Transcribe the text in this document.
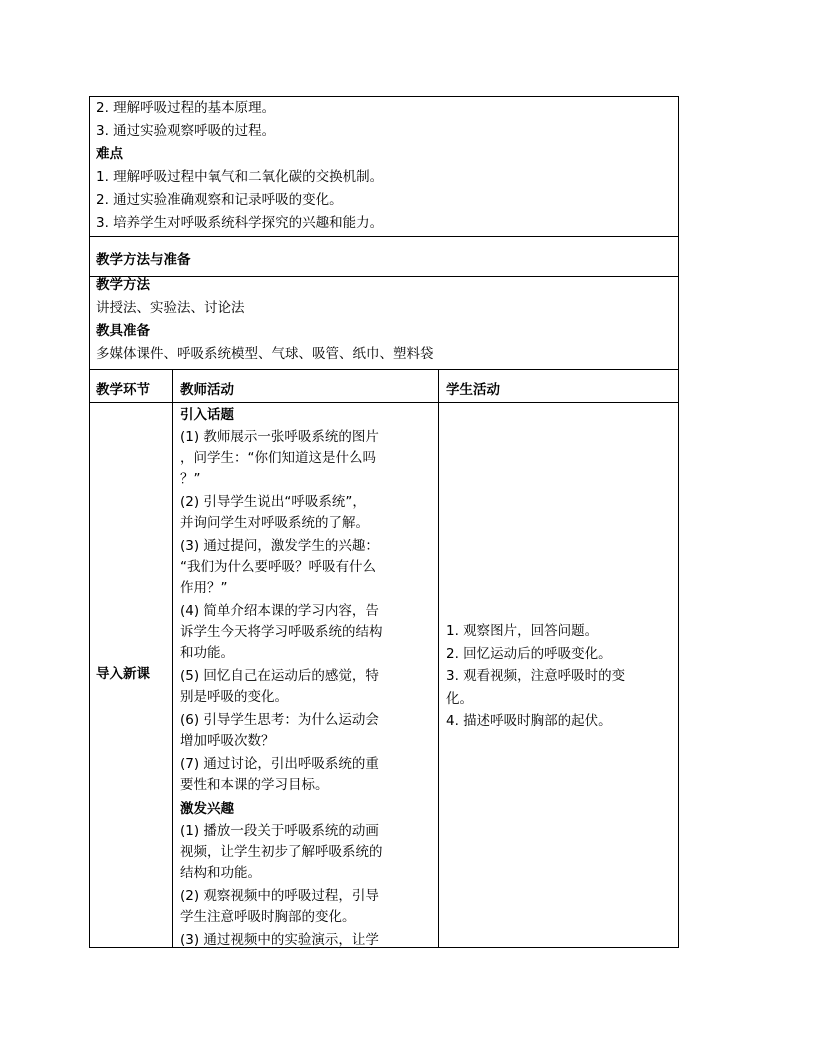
2. 理解呼吸过程的基本原理。
3. 通过实验观察呼吸的过程。
难点
1. 理解呼吸过程中氧气和二氧化碳的交换机制。
2. 通过实验准确观察和记录呼吸的变化。
3. 培养学生对呼吸系统科学探究的兴趣和能力。
教学方法与准备
教学方法
讲授法、实验法、讨论法
教具准备
多媒体课件、呼吸系统模型、气球、吸管、纸巾、塑料袋
教学环节 教师活动	学生活动
导入新课

引入话题

(1) 教师展示一张呼吸系统的图片

，问学生：“你们知道这是什么吗

？”

(2) 引导学生说出“呼吸系统”，

并询问学生对呼吸系统的了解。

(3) 通过提问，激发学生的兴趣：

“我们为什么要呼吸？呼吸有什么

作用？”

(4) 简单介绍本课的学习内容，告

诉学生今天将学习呼吸系统的结构

和功能。

(5) 回忆自己在运动后的感觉，特

别是呼吸的变化。

(6) 引导学生思考：为什么运动会

增加呼吸次数？

(7) 通过讨论，引出呼吸系统的重

要性和本课的学习目标。

激发兴趣

(1) 播放一段关于呼吸系统的动画

视频，让学生初步了解呼吸系统的

结构和功能。

(2) 观察视频中的呼吸过程，引导

学生注意呼吸时胸部的变化。

(3) 通过视频中的实验演示，让学

1. 观察图片，回答问题。

2. 回忆运动后的呼吸变化。

3. 观看视频，注意呼吸时的变

化。

4. 描述呼吸时胸部的起伏。
